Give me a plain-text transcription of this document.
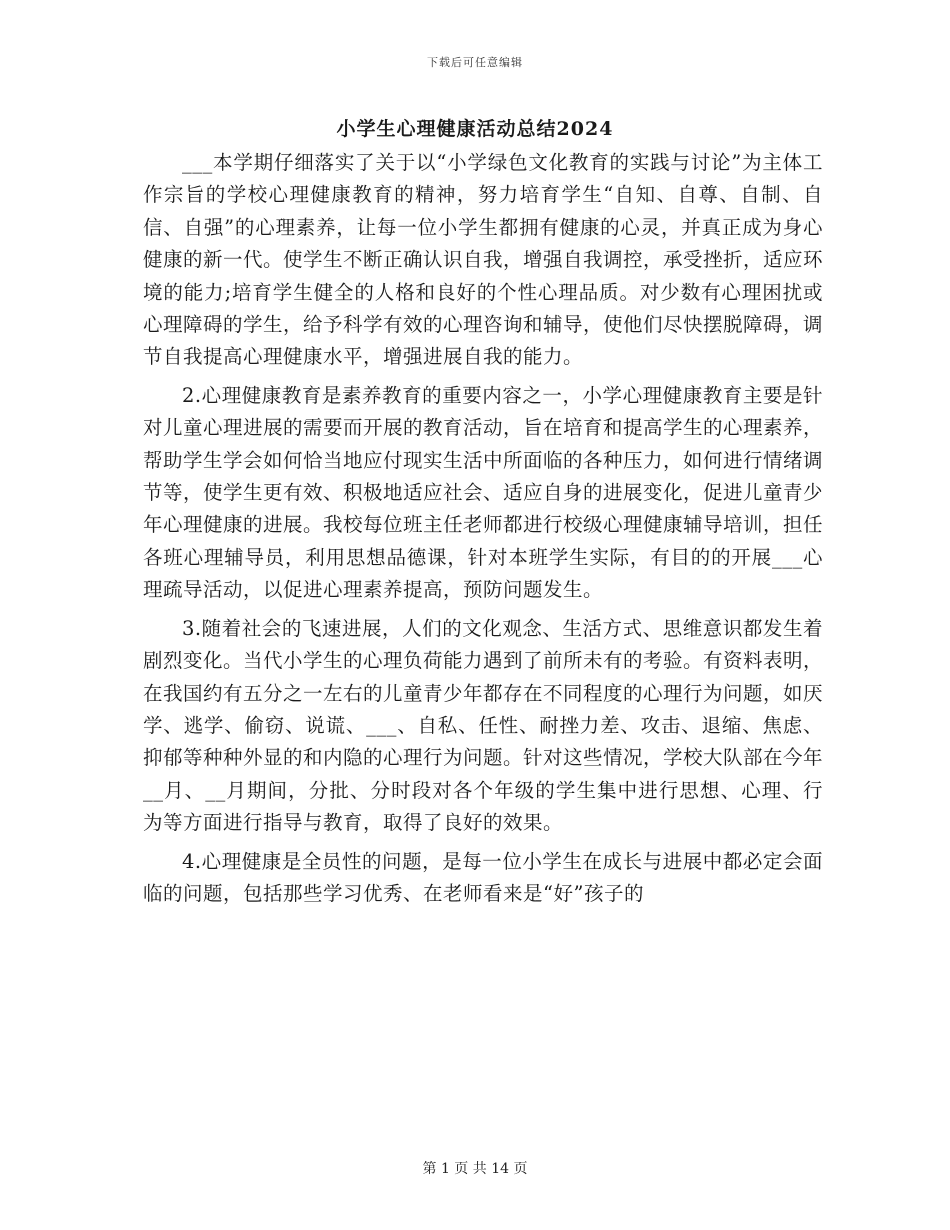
下载后可任意编辑
小学生心理健康活动总结2024

___本学期仔细落实了关于以“小学绿色文化教育的实践与讨论”为主体工作宗旨的学校心理健康教育的精神，努力培育学生“自知、自尊、自制、自信、自强”的心理素养，让每一位小学生都拥有健康的心灵，并真正成为身心健康的新一代。使学生不断正确认识自我，增强自我调控，承受挫折，适应环境的能力;培育学生健全的人格和良好的个性心理品质。对少数有心理困扰或心理障碍的学生，给予科学有效的心理咨询和辅导，使他们尽快摆脱障碍，调节自我提高心理健康水平，增强进展自我的能力。

2.心理健康教育是素养教育的重要内容之一，小学心理健康教育主要是针对儿童心理进展的需要而开展的教育活动，旨在培育和提高学生的心理素养，帮助学生学会如何恰当地应付现实生活中所面临的各种压力，如何进行情绪调节等，使学生更有效、积极地适应社会、适应自身的进展变化，促进儿童青少年心理健康的进展。我校每位班主任老师都进行校级心理健康辅导培训，担任各班心理辅导员，利用思想品德课，针对本班学生实际，有目的的开展___心理疏导活动，以促进心理素养提高，预防问题发生。

3.随着社会的飞速进展，人们的文化观念、生活方式、思维意识都发生着剧烈变化。当代小学生的心理负荷能力遇到了前所未有的考验。有资料表明，在我国约有五分之一左右的儿童青少年都存在不同程度的心理行为问题，如厌学、逃学、偷窃、说谎、___、自私、任性、耐挫力差、攻击、退缩、焦虑、抑郁等种种外显的和内隐的心理行为问题。针对这些情况，学校大队部在今年__月、__月期间，分批、分时段对各个年级的学生集中进行思想、心理、行为等方面进行指导与教育，取得了良好的效果。

4.心理健康是全员性的问题，是每一位小学生在成长与进展中都必定会面临的问题，包括那些学习优秀、在老师看来是“好”孩子的

第 1 页 共 14 页
